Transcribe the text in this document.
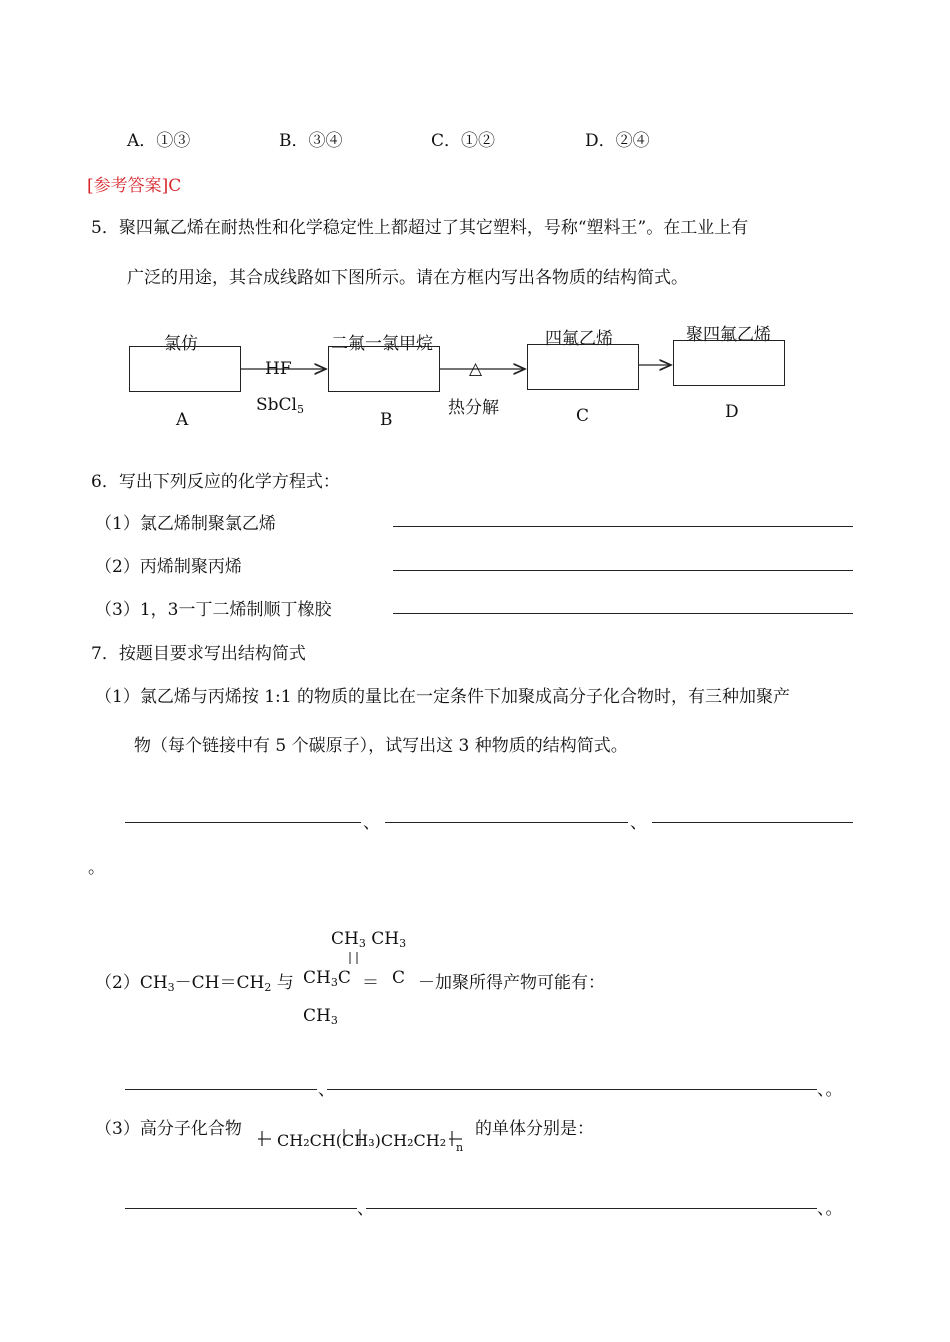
A．①③	B．③④	C．①②	D．②④
[参考答案]C
5．聚四氟乙烯在耐热性和化学稳定性上都超过了其它塑料，号称“塑料王”。在工业上有
广泛的用途，其合成线路如下图所示。请在方框内写出各物质的结构简式。
氯仿	二氟一氯甲烷	四氟乙烯	聚四氟乙烯
HF
SbCl$_5$
△
热分解
A	B	C	D
6．写出下列反应的化学方程式：
（1）氯乙烯制聚氯乙烯
（2）丙烯制聚丙烯
（3）1，3一丁二烯制顺丁橡胶
7．按题目要求写出结构简式
（1）氯乙烯与丙烯按 1:1 的物质的量比在一定条件下加聚成高分子化合物时，有三种加聚产
物（每个链接中有 5 个碳原子），试写出这 3 种物质的结构简式。
、	、
。
$CH_3$ $CH_3$
$(2)CH_3-CH=CH_2$ 与 $CH_3C = C$ －加聚所得产物可能有：
$CH_3$
、	、。
（3）高分子化合物
CH₂CH(CH₃)CH₂CH₂ n
的单体分别是：
、	、。
